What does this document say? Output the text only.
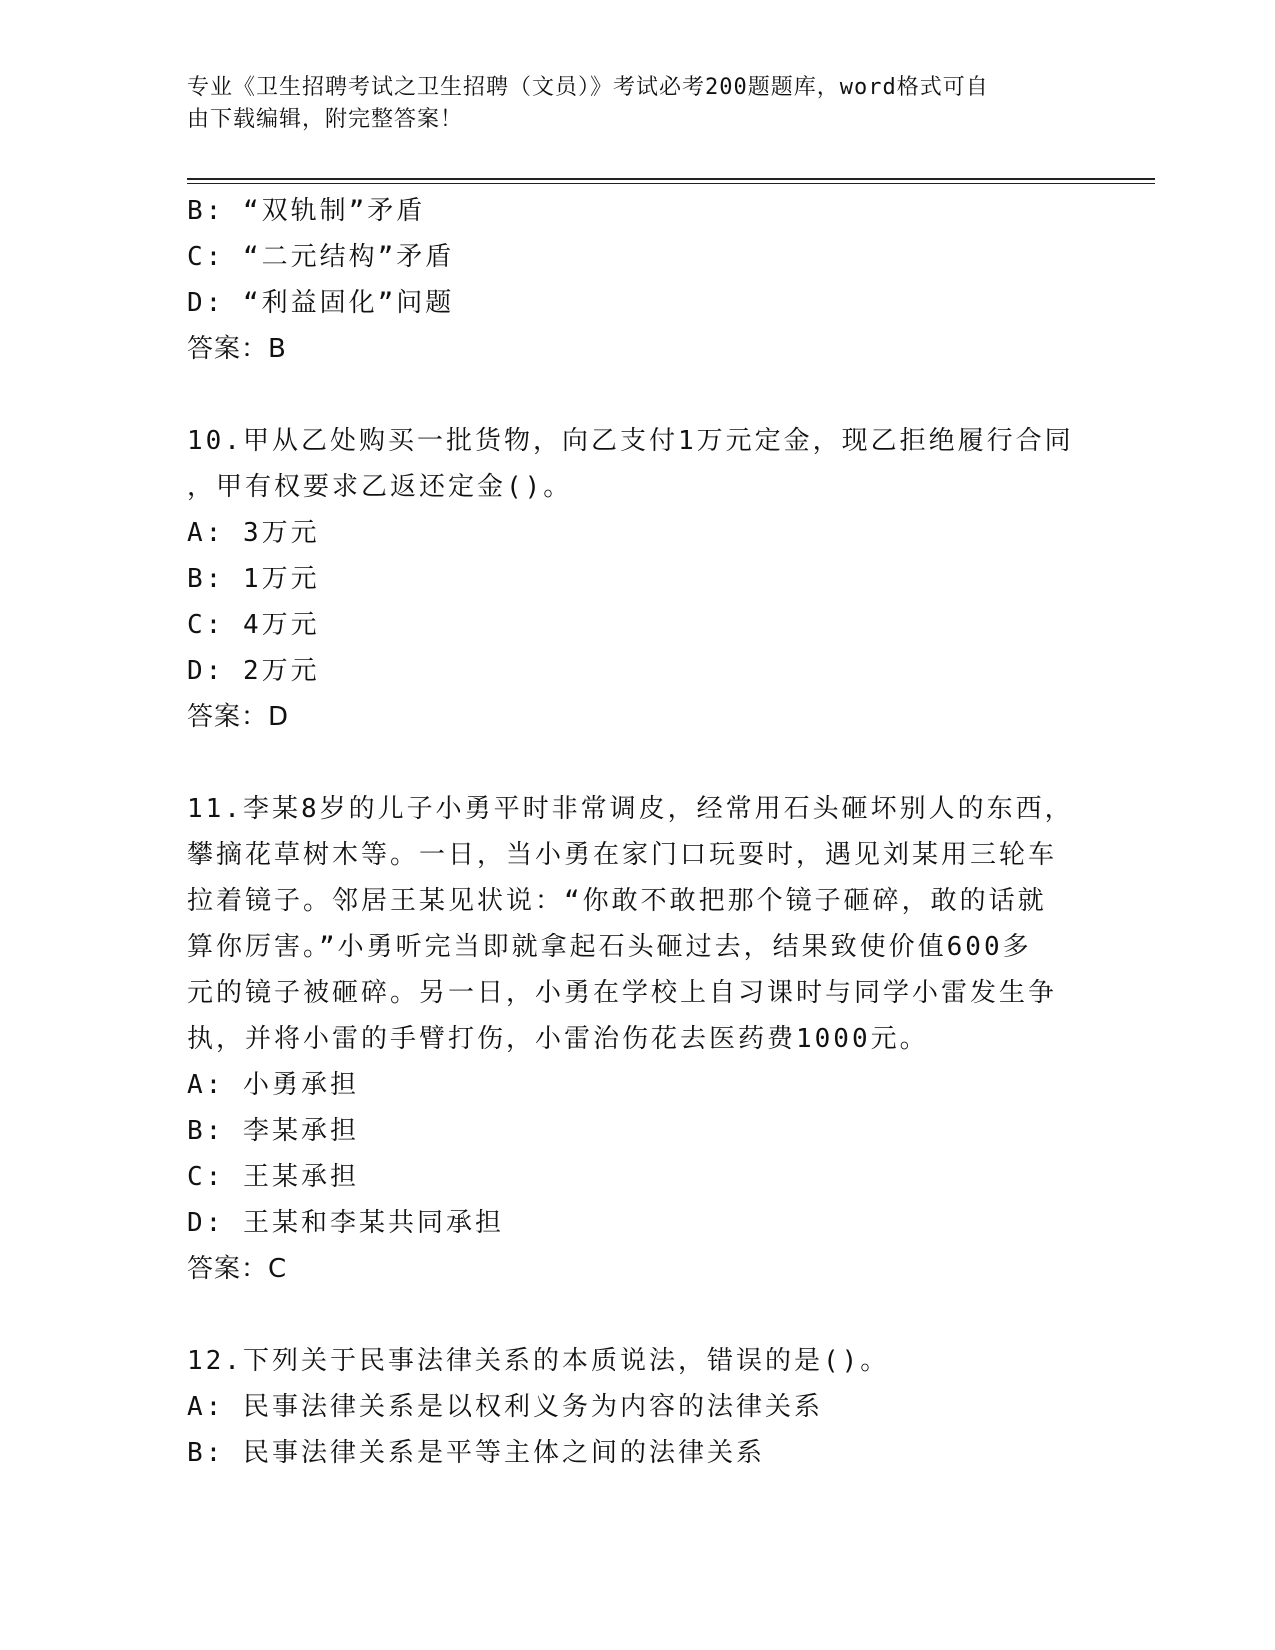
专业《卫生招聘考试之卫生招聘（文员）》考试必考200题题库，word格式可自
由下载编辑，附完整答案！
B: “双轨制”矛盾
C: “二元结构”矛盾
D: “利益固化”问题
答案：B
10.甲从乙处购买一批货物，向乙支付1万元定金，现乙拒绝履行合同
，甲有权要求乙返还定金()。
A: 3万元
B: 1万元
C: 4万元
D: 2万元
答案：D
11.李某8岁的儿子小勇平时非常调皮，经常用石头砸坏别人的东西，
攀摘花草树木等。一日，当小勇在家门口玩耍时，遇见刘某用三轮车
拉着镜子。邻居王某见状说：“你敢不敢把那个镜子砸碎，敢的话就
算你厉害。”小勇听完当即就拿起石头砸过去，结果致使价值600多
元的镜子被砸碎。另一日，小勇在学校上自习课时与同学小雷发生争
执，并将小雷的手臂打伤，小雷治伤花去医药费1000元。
A: 小勇承担
B: 李某承担
C: 王某承担
D: 王某和李某共同承担
答案：C
12.下列关于民事法律关系的本质说法，错误的是()。
A: 民事法律关系是以权利义务为内容的法律关系
B: 民事法律关系是平等主体之间的法律关系
